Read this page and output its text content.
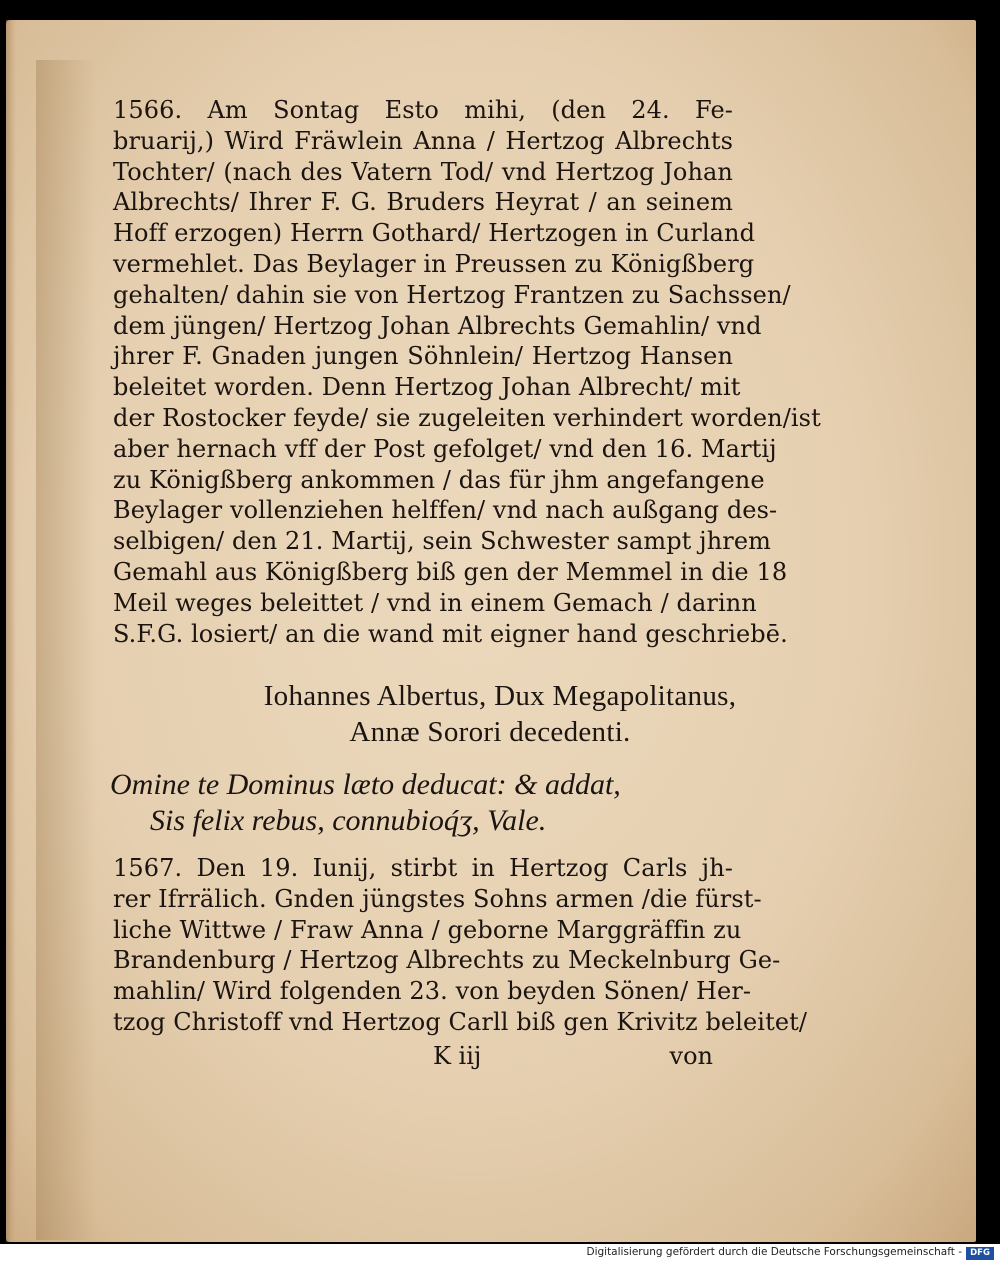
1566. Am Sontag Esto mihi, (den 24. Fe-
bruarij,) Wird Fräwlein Anna / Hertzog Albrechts
Tochter/ (nach des Vatern Tod/ vnd Hertzog Johan
Albrechts/ Ihrer F. G. Bruders Heyrat / an seinem
Hoff erzogen) Herrn Gothard/ Hertzogen in Curland
vermehlet. Das Beylager in Preussen zu Königßberg
gehalten/ dahin sie von Hertzog Frantzen zu Sachssen/
dem jüngen/ Hertzog Johan Albrechts Gemahlin/ vnd
jhrer F. Gnaden jungen Söhnlein/ Hertzog Hansen
beleitet worden. Denn Hertzog Johan Albrecht/ mit
der Rostocker feyde/ sie zugeleiten verhindert worden/ist
aber hernach vff der Post gefolget/ vnd den 16. Martij
zu Königßberg ankommen / das für jhm angefangene
Beylager vollenziehen helffen/ vnd nach außgang des-
selbigen/ den 21. Martij, sein Schwester sampt jhrem
Gemahl aus Königßberg biß gen der Memmel in die 18
Meil weges beleittet / vnd in einem Gemach / darinn
S.F.G. losiert/ an die wand mit eigner hand geschriebē.
Iohannes Albertus, Dux Megapolitanus,
Annæ Sorori decedenti.
Omine te Dominus læto deducat: & addat,
Sis felix rebus, connubioq́ʒ, Vale.
1567. Den 19. Iunij, stirbt in Hertzog Carls jh-
rer Ifrrälich. Gnden jüngstes Sohns armen /die fürst-
liche Wittwe / Fraw Anna / geborne Marggräffin zu
Brandenburg / Hertzog Albrechts zu Meckelnburg Ge-
mahlin/ Wird folgenden 23. von beyden Sönen/ Her-
tzog Christoff vnd Hertzog Carll biß gen Krivitz beleitet/
K iij	von
Digitalisierung gefördert durch die Deutsche Forschungsgemeinschaft - DFG
